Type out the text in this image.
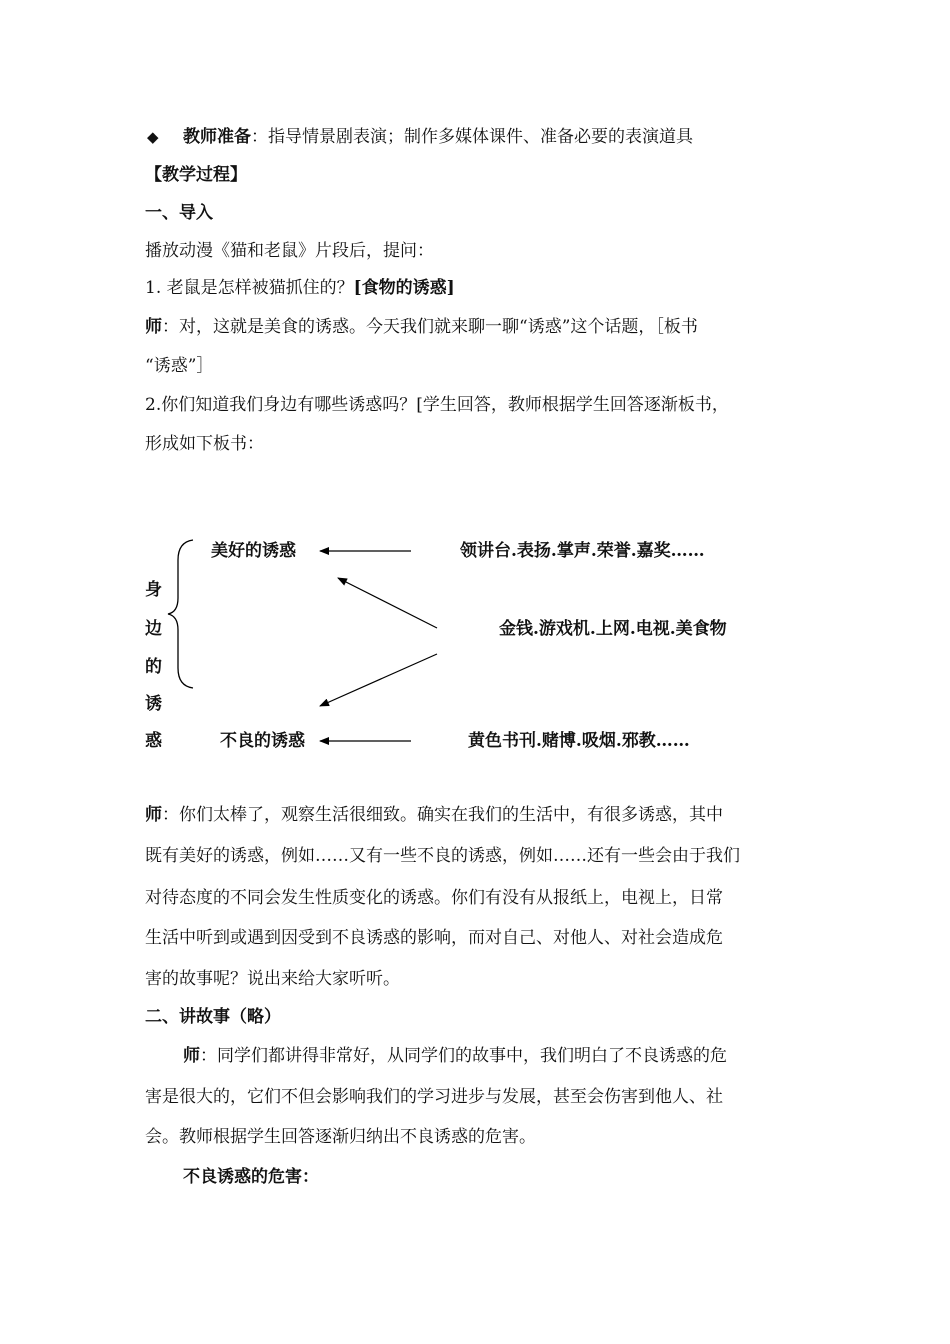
◆ 教师准备：指导情景剧表演；制作多媒体课件、准备必要的表演道具
【教学过程】
一、导入
播放动漫《猫和老鼠》片段后，提问：
1. 老鼠是怎样被猫抓住的？[食物的诱惑]
师：对，这就是美食的诱惑。今天我们就来聊一聊“诱惑”这个话题，［板书
“诱惑”］
2.你们知道我们身边有哪些诱惑吗？[学生回答，教师根据学生回答逐渐板书，
形成如下板书：
身
边
的
诱
惑
美好的诱惑
不良的诱惑
领讲台.表扬.掌声.荣誉.嘉奖……
金钱.游戏机.上网.电视.美食物
黄色书刊.赌博.吸烟.邪教……
师：你们太棒了，观察生活很细致。确实在我们的生活中，有很多诱惑，其中
既有美好的诱惑，例如……又有一些不良的诱惑，例如……还有一些会由于我们
对待态度的不同会发生性质变化的诱惑。你们有没有从报纸上，电视上，日常
生活中听到或遇到因受到不良诱惑的影响，而对自己、对他人、对社会造成危
害的故事呢？说出来给大家听听。
二、讲故事（略）
师：同学们都讲得非常好，从同学们的故事中，我们明白了不良诱惑的危
害是很大的，它们不但会影响我们的学习进步与发展，甚至会伤害到他人、社
会。教师根据学生回答逐渐归纳出不良诱惑的危害。
不良诱惑的危害：
